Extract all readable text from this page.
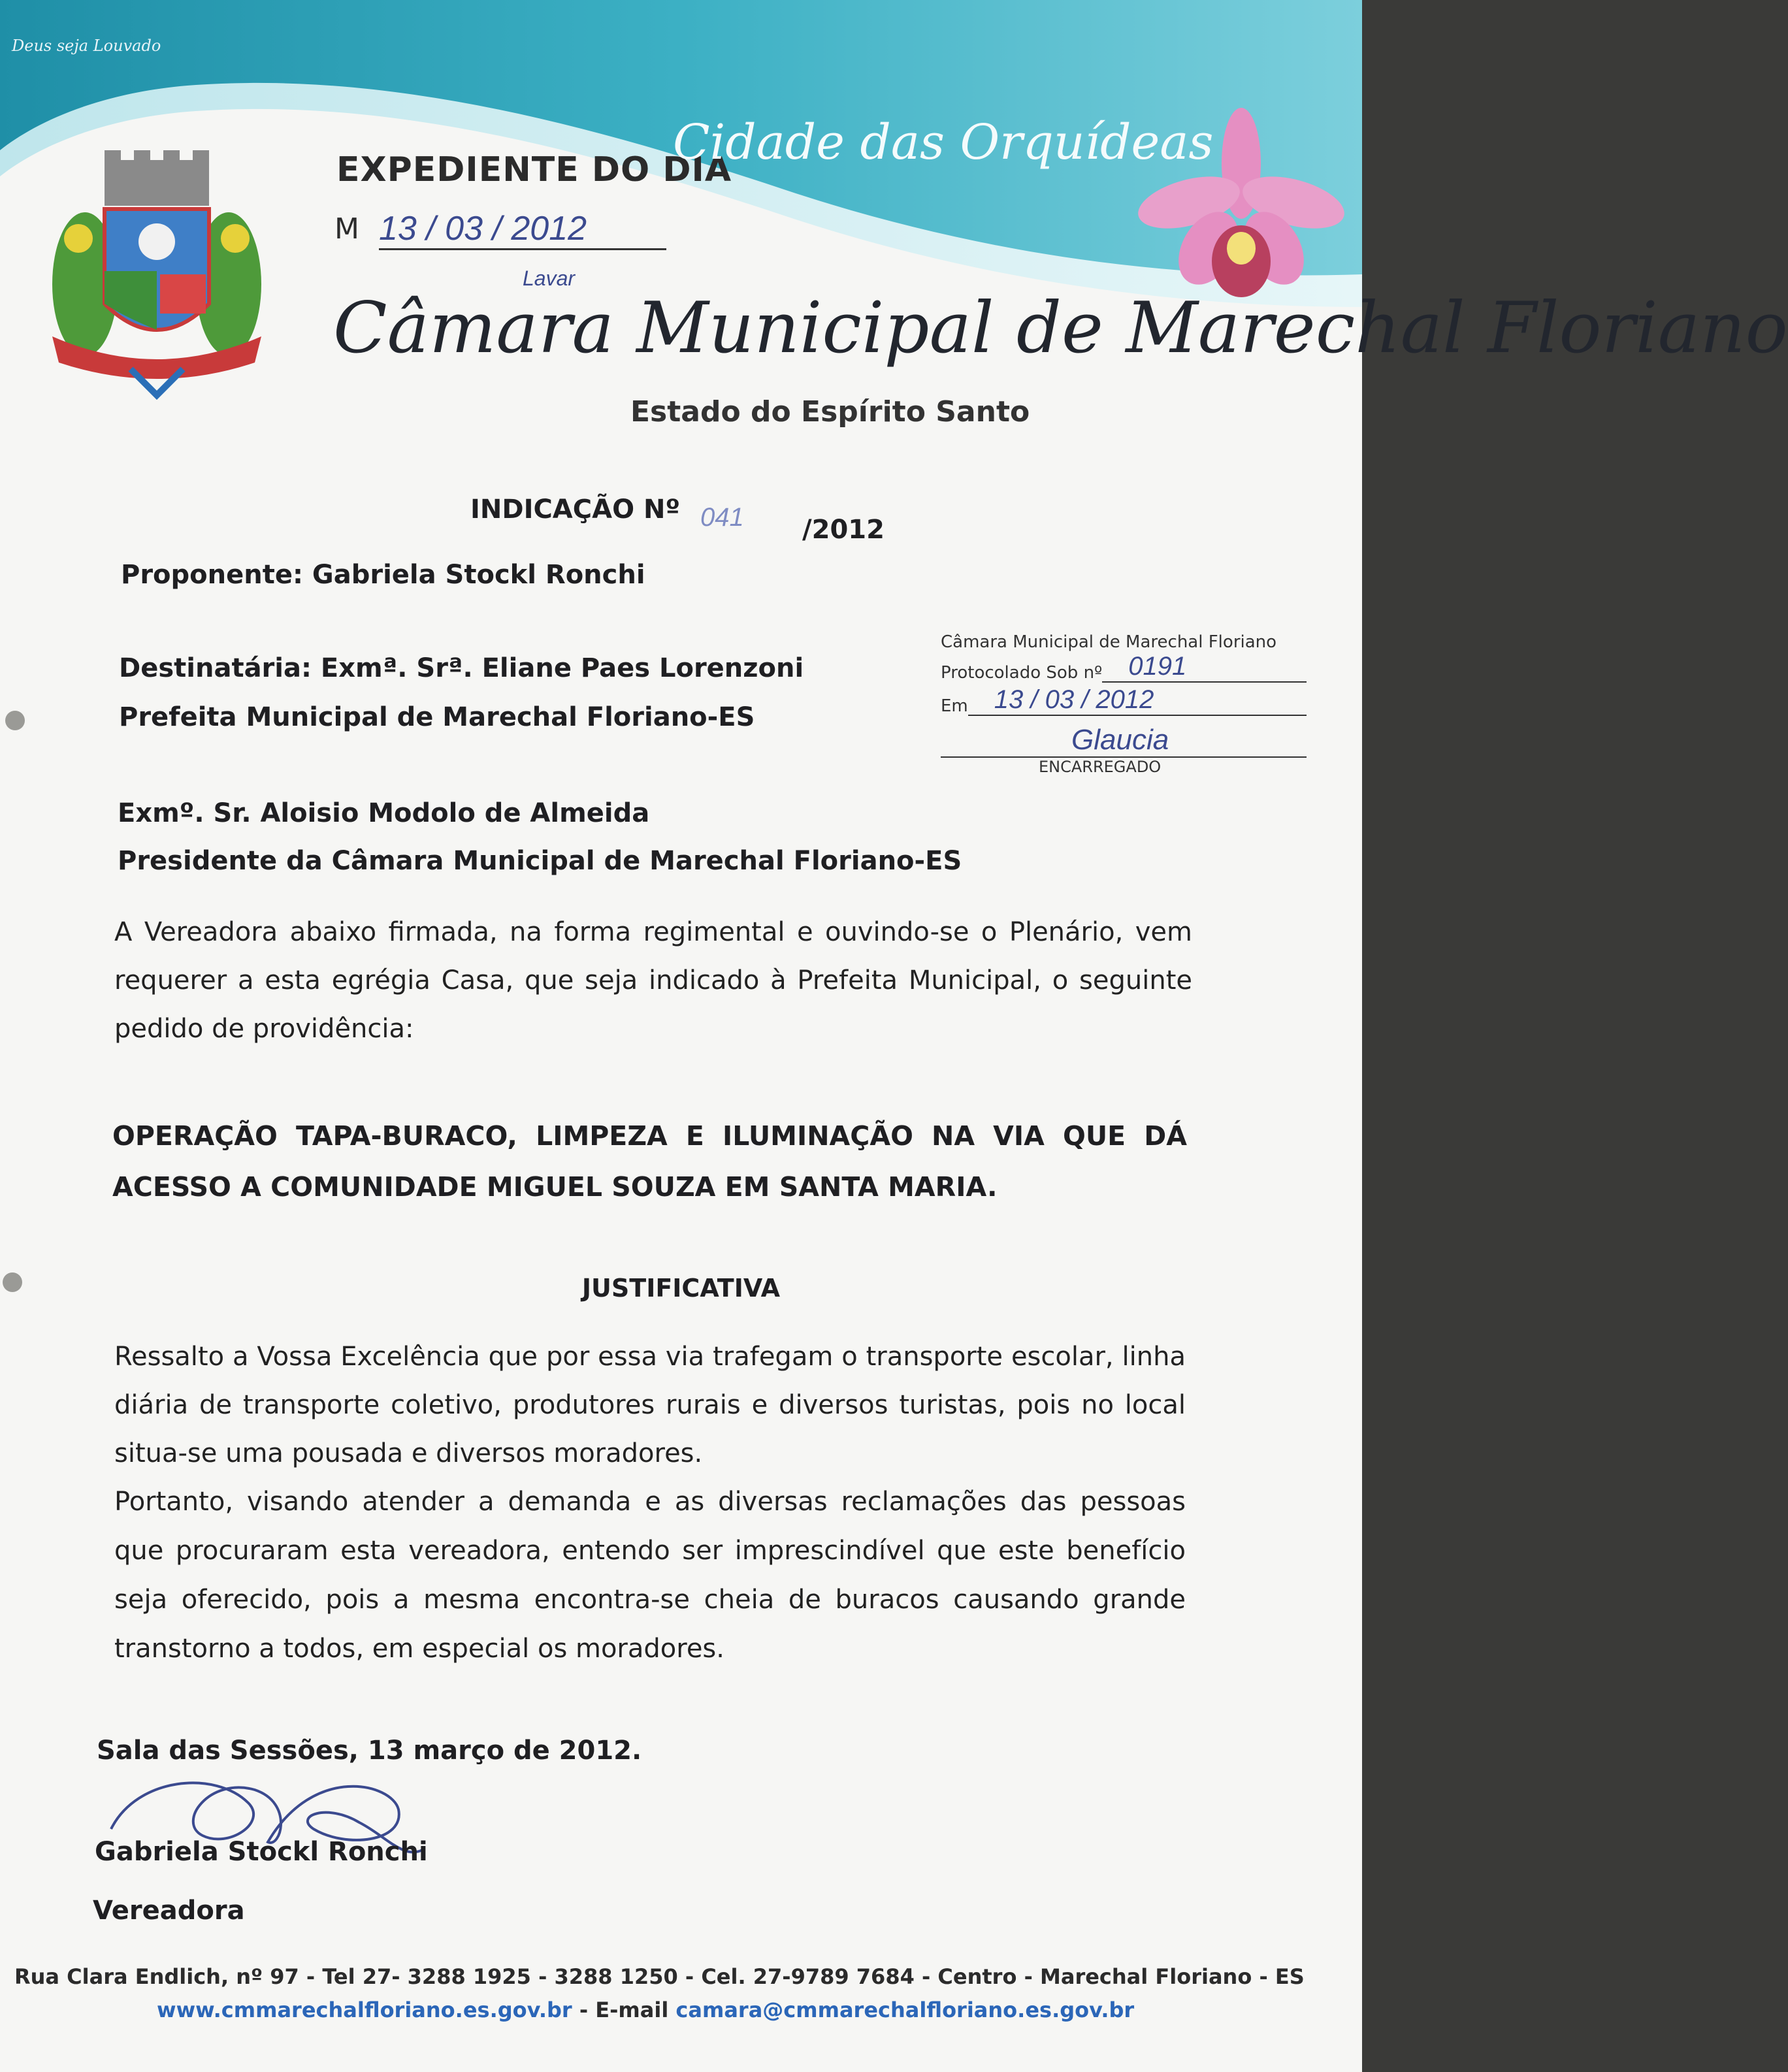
Deus seja Louvado
EXPEDIENTE DO DIA
M 13 / 03 / 2012
Lavar
Cidade das Orquídeas
Câmara Municipal de Marechal Floriano
Estado do Espírito Santo
INDICAÇÃO Nº 041 /2012
Proponente: Gabriela Stockl Ronchi
Destinatária: Exmª. Srª. Eliane Paes Lorenzoni
Prefeita Municipal de Marechal Floriano-ES
Exmº. Sr. Aloisio Modolo de Almeida
Presidente da Câmara Municipal de Marechal Floriano-ES
Câmara Municipal de Marechal Floriano
Protocolado Sob nº	0191
Em	13 / 03 / 2012
Glaucia
ENCARREGADO
A Vereadora abaixo firmada, na forma regimental e ouvindo-se o Plenário, vem requerer a esta egrégia Casa, que seja indicado à Prefeita Municipal, o seguinte pedido de providência:
OPERAÇÃO TAPA-BURACO, LIMPEZA E ILUMINAÇÃO NA VIA QUE DÁ ACESSO A COMUNIDADE MIGUEL SOUZA EM SANTA MARIA.
JUSTIFICATIVA
Ressalto a Vossa Excelência que por essa via trafegam o transporte escolar, linha diária de transporte coletivo, produtores rurais e diversos turistas, pois no local situa-se uma pousada e diversos moradores.
Portanto, visando atender a demanda e as diversas reclamações das pessoas que procuraram esta vereadora, entendo ser imprescindível que este benefício seja oferecido, pois a mesma encontra-se cheia de buracos causando grande transtorno a todos, em especial os moradores.
Sala das Sessões, 13 março de 2012.
Gabriela Stockl Ronchi
Vereadora
Rua Clara Endlich, nº 97 - Tel 27- 3288 1925 - 3288 1250 - Cel. 27-9789 7684 - Centro - Marechal Floriano - ES
www.cmmarechalfloriano.es.gov.br - E-mail camara@cmmarechalfloriano.es.gov.br
